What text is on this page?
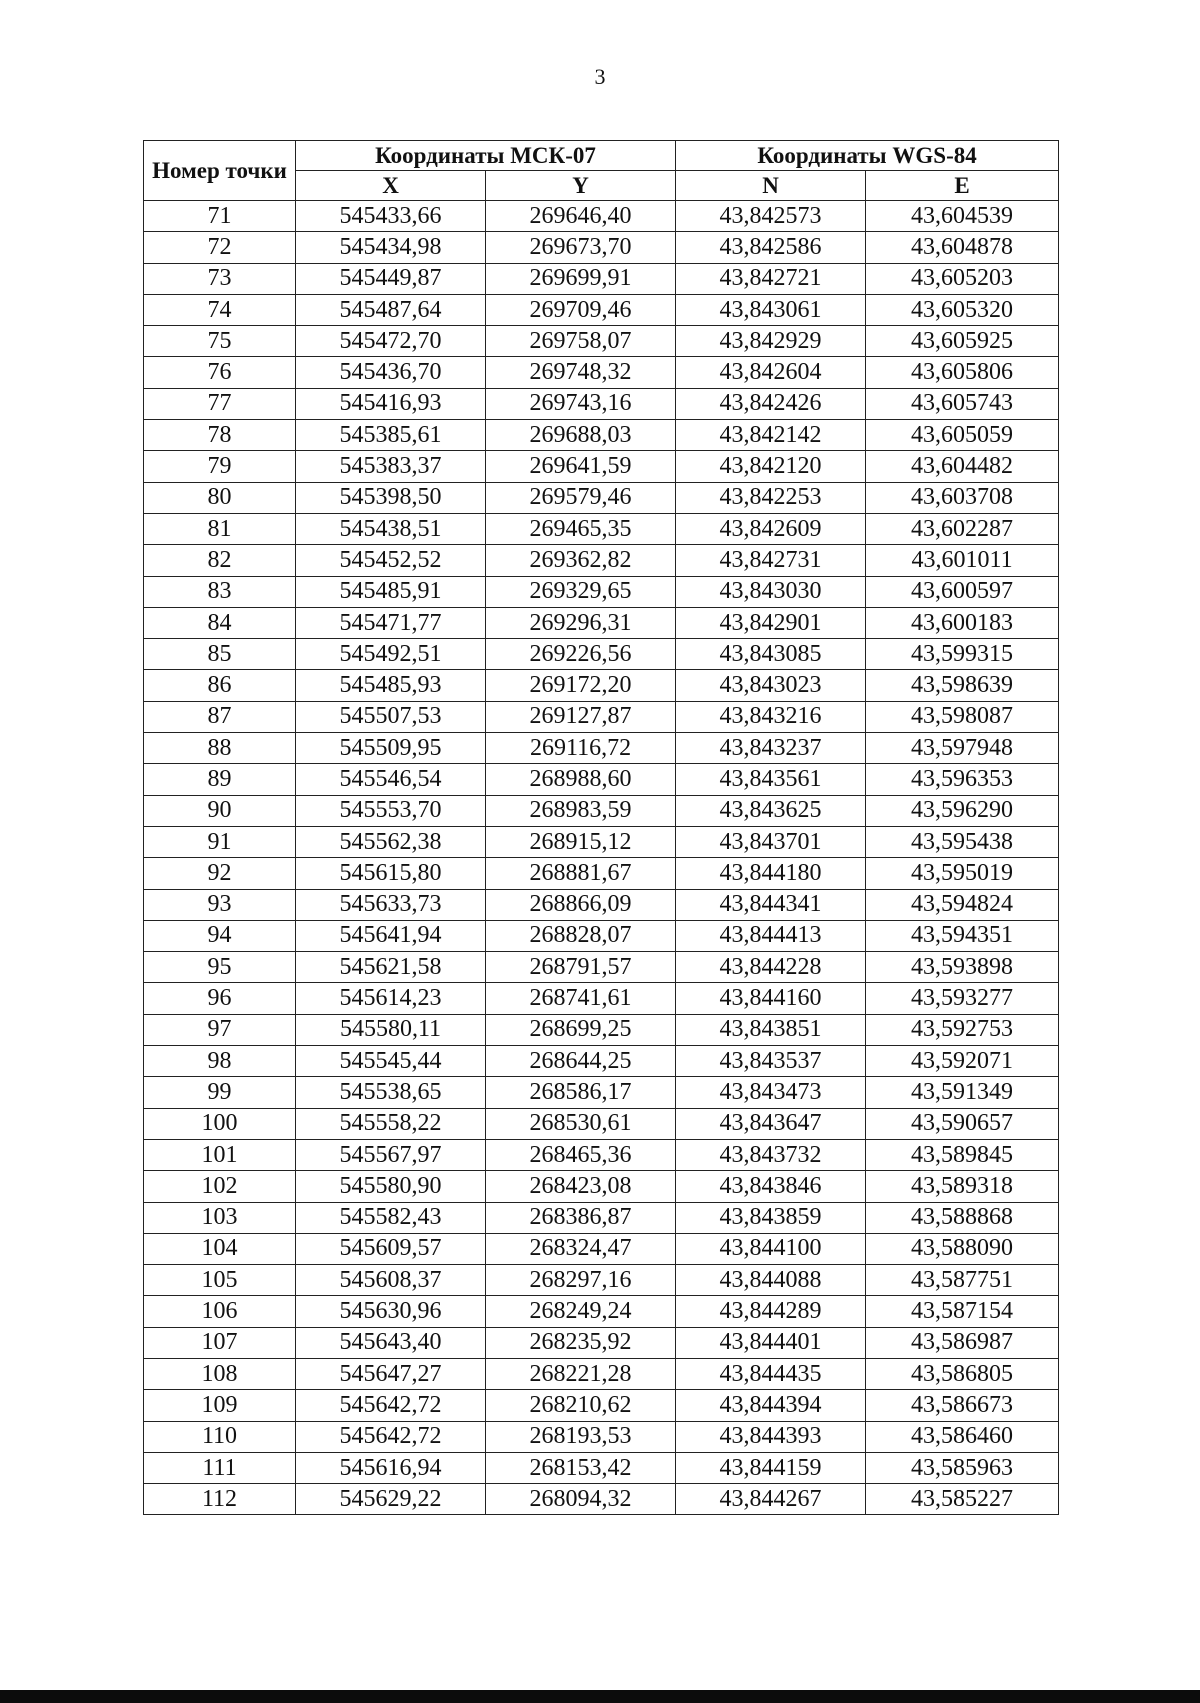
3
Номер точки	Координаты МСК-07		Координаты WGS-84	
	X	Y	N	E
71	545433,66	269646,40	43,842573	43,604539
72	545434,98	269673,70	43,842586	43,604878
73	545449,87	269699,91	43,842721	43,605203
74	545487,64	269709,46	43,843061	43,605320
75	545472,70	269758,07	43,842929	43,605925
76	545436,70	269748,32	43,842604	43,605806
77	545416,93	269743,16	43,842426	43,605743
78	545385,61	269688,03	43,842142	43,605059
79	545383,37	269641,59	43,842120	43,604482
80	545398,50	269579,46	43,842253	43,603708
81	545438,51	269465,35	43,842609	43,602287
82	545452,52	269362,82	43,842731	43,601011
83	545485,91	269329,65	43,843030	43,600597
84	545471,77	269296,31	43,842901	43,600183
85	545492,51	269226,56	43,843085	43,599315
86	545485,93	269172,20	43,843023	43,598639
87	545507,53	269127,87	43,843216	43,598087
88	545509,95	269116,72	43,843237	43,597948
89	545546,54	268988,60	43,843561	43,596353
90	545553,70	268983,59	43,843625	43,596290
91	545562,38	268915,12	43,843701	43,595438
92	545615,80	268881,67	43,844180	43,595019
93	545633,73	268866,09	43,844341	43,594824
94	545641,94	268828,07	43,844413	43,594351
95	545621,58	268791,57	43,844228	43,593898
96	545614,23	268741,61	43,844160	43,593277
97	545580,11	268699,25	43,843851	43,592753
98	545545,44	268644,25	43,843537	43,592071
99	545538,65	268586,17	43,843473	43,591349
100	545558,22	268530,61	43,843647	43,590657
101	545567,97	268465,36	43,843732	43,589845
102	545580,90	268423,08	43,843846	43,589318
103	545582,43	268386,87	43,843859	43,588868
104	545609,57	268324,47	43,844100	43,588090
105	545608,37	268297,16	43,844088	43,587751
106	545630,96	268249,24	43,844289	43,587154
107	545643,40	268235,92	43,844401	43,586987
108	545647,27	268221,28	43,844435	43,586805
109	545642,72	268210,62	43,844394	43,586673
110	545642,72	268193,53	43,844393	43,586460
111	545616,94	268153,42	43,844159	43,585963
112	545629,22	268094,32	43,844267	43,585227
